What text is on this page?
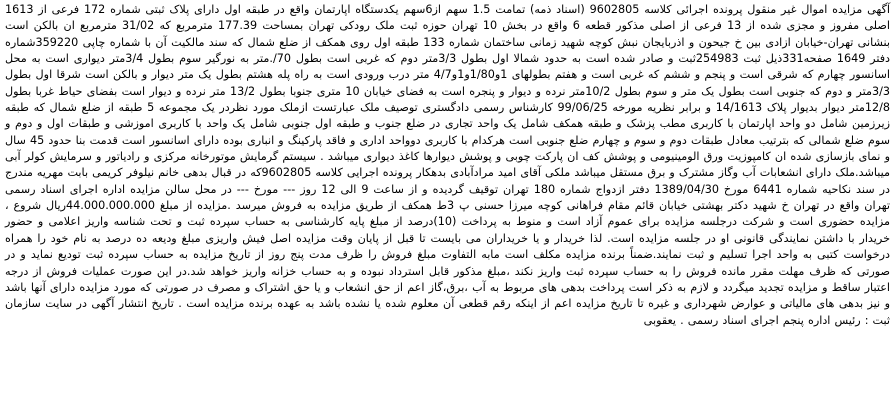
آگهی مزایده اموال غیر منقول پرونده اجرائی کلاسه 9602805 (اسناد ذمه) تمامت 1.5 سهم از6سهم یکدستگاه اپارتمان واقع در طبقه اول دارای پلاک ثبتی شماره 172 فرعی از 1613 اصلی مفروز و مجزی شده از 13 فرعی از اصلی مذکور قطعه 6 واقع در بخش 10 تهران حوزه ثبت ملک رودکی تهران بمساحت 177.39 مترمربع که 31/02 مترمربع ان بالکن است بنشانی تهران-خیابان ازادی بین خ جیحون و اذربایجان نبش کوچه شهید زمانی ساختمان شماره 133 طبقه اول روی همکف از ضلع شمال که سند مالکیت آن با شماره چاپی 359220شماره دفتر 1649 صفحه331ذیل ثبت 254983ثبت و صادر شده است به حدود شمالا اول بطول 3/3متر دوم که غربی است بطول 70/.متر به نورگیر سوم بطول 3/4متر دیواری است به محل اسانسور چهارم که شرقی است و پنجم و ششم که غربی است و هفتم بطولهای 1و1/80و1و4/7 متر درب ورودی است به راه پله هشتم بطول یک متر دیوار و بالکن است شرقا اول بطول 3/3متر و دوم که جنوبی است بطول یک متر و سوم بطول 10/2متر نرده و دیوار و پنجره است به فضای خیابان 10 متری جنوبا بطول 13/2 متر نرده و دیوار است بفضای حیاط غربا بطول 12/8متر دیوار بدیوار پلاک 14/1613 و برابر نظریه مورخه 99/06/25 کارشناس رسمی دادگستری توصیف ملک عبارتست ازملک مورد نظردر یک مجموعه 5 طبقه از ضلع شمال که طبقه زیرزمین شامل دو واحد اپارتمان با کاربری مطب پزشک و طبقه همکف شامل یک واحد تجاری در ضلع جنوب و طبقه اول جنوبی شامل یک واحد با کاربری اموزشی و طبقات اول و دوم و سوم ضلع شمالی که بترتیب معادل طبقات دوم و سوم و چهارم ضلع جنوبی است هرکدام با کاربری دوواحد اداری و فاقد پارکینگ و انباری بوده دارای اسانسور است قدمت بنا حدود 45 سال و نمای بازسازی شده ان کامپوزیت ورق الومینیومی و پوشش کف ان پارکت چوبی و پوشش دیوارها کاغذ دیواری میباشد . سیستم گرمایش موتورخانه مرکزی و رادیاتور و سرمایش کولر آبی میباشد.ملک دارای انشعابات آب وگاز مشترک و برق مستقل میباشد ملکی آقای امید مرادآبادی بدهکار پرونده اجرایی کلاسه 9602805که در قبال بدهی خانم نیلوفر کریمی بابت مهریه مندرج در سند نکاحیه شماره 6441 مورخ 1389/04/30 دفتر ازدواج شماره 180 تهران توقیف گردیده و از ساعت 9 الی 12 روز --- مورخ --- در محل سالن مزایده اداره اجرای اسناد رسمی تهران واقع در تهران خ شهید دکتر بهشتی خیابان قائم مقام فراهانی کوچه میرزا حسنی پ 3ط همکف از طریق مزایده به فروش میرسد .مزایده از مبلغ 44.000.000.000ریال شروع ، مزایده حضوری است و شرکت درجلسه مزایده برای عموم آزاد است و منوط به پرداخت (10)درصد از مبلغ پایه کارشناسی به حساب سپرده ثبت و تحت شناسه واریز اعلامی و حضور خریدار با داشتن نمایندگی قانونی او در جلسه مزایده است. لذا خریدار و یا خریداران می بایست تا قبل از پایان وقت مزایده اصل فیش واریزی مبلغ ودیعه ده درصد به نام خود را همراه درخواست کتبی به واحد اجرا تسلیم و ثبت نمایند.ضمناً برنده مزایده مکلف است مابه التفاوت مبلغ فروش را ظرف مدت پنج روز از تاریخ مزایده به حساب سپرده ثبت تودیع نماید و در صورتی که ظرف مهلت مقرر مانده فروش را به حساب سپرده ثبت واریز نکند ،مبلغ مذکور قابل استرداد نبوده و به حساب خزانه واریز خواهد شد.در این صورت عملیات فروش از درجه اعتبار ساقط و مزایده تجدید میگردد و لازم به ذکر است پرداخت بدهی های مربوط به آب ،برق،گاز اعم از حق انشعاب و یا حق اشتراک و مصرف در صورتی که مورد مزایده دارای آنها باشد و نیز بدهی های مالیاتی و عوارض شهرداری و غیره تا تاریخ مزایده اعم از اینکه رقم قطعی آن معلوم شده یا نشده باشد به عهده برنده مزایده است . تاریخ انتشار آگهی در سایت سازمان ثبت : رئیس اداره پنجم اجرای اسناد رسمی . یعقوبی
